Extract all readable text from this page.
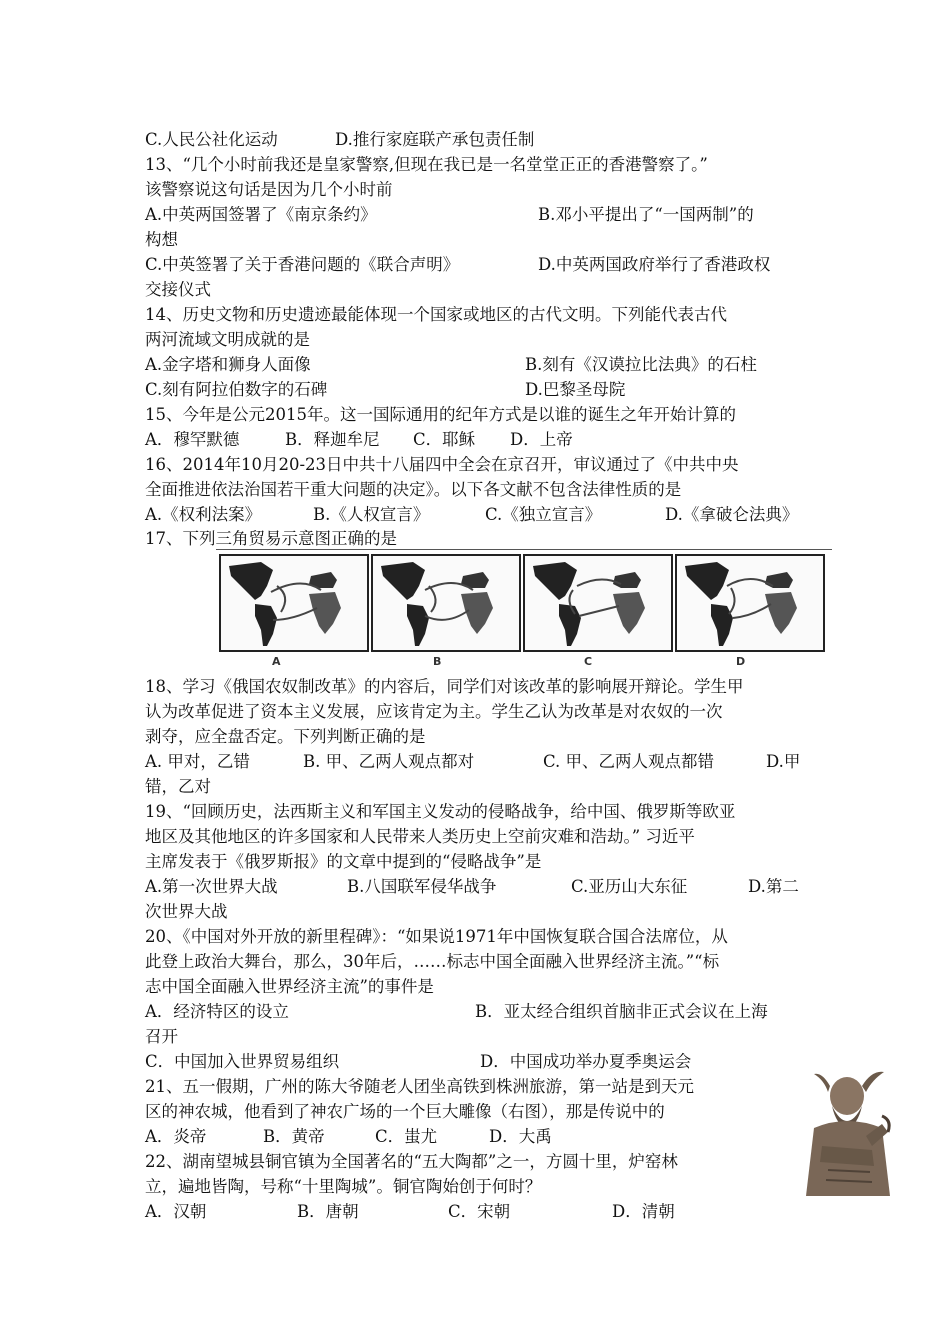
C.人民公社化运动	D.推行家庭联产承包责任制
13、“几个小时前我还是皇家警察,但现在我已是一名堂堂正正的香港警察了。”
该警察说这句话是因为几个小时前
A.中英两国签署了《南京条约》	B.邓小平提出了“一国两制”的
构想
C.中英签署了关于香港问题的《联合声明》	D.中英两国政府举行了香港政权
交接仪式
14、历史文物和历史遗迹最能体现一个国家或地区的古代文明。下列能代表古代
两河流域文明成就的是
A.金字塔和狮身人面像	B.刻有《汉谟拉比法典》的石柱
C.刻有阿拉伯数字的石碑	D.巴黎圣母院
15、今年是公元2015年。这一国际通用的纪年方式是以谁的诞生之年开始计算的
A．穆罕默德	B．释迦牟尼 C．耶稣 D．上帝
16、2014年10月20-23日中共十八届四中全会在京召开，审议通过了《中共中央
全面推进依法治国若干重大问题的决定》。以下各文献不包含法律性质的是
A.《权利法案》	B.《人权宣言》	C.《独立宣言》	D.《拿破仑法典》
17、下列三角贸易示意图正确的是
A	B	C	D
18、学习《俄国农奴制改革》的内容后，同学们对该改革的影响展开辩论。学生甲
认为改革促进了资本主义发展，应该肯定为主。学生乙认为改革是对农奴的一次
剥夺，应全盘否定。下列判断正确的是
A. 甲对，乙错	B. 甲、乙两人观点都对	C. 甲、乙两人观点都错	D.甲
错，乙对
19、“回顾历史，法西斯主义和军国主义发动的侵略战争，给中国、俄罗斯等欧亚
地区及其他地区的许多国家和人民带来人类历史上空前灾难和浩劫。” 习近平
主席发表于《俄罗斯报》的文章中提到的“侵略战争”是
A.第一次世界大战	B.八国联军侵华战争	C.亚历山大东征	D.第二
次世界大战
20、《中国对外开放的新里程碑》：“如果说1971年中国恢复联合国合法席位，从
此登上政治大舞台，那么，30年后，……标志中国全面融入世界经济主流。”“标
志中国全面融入世界经济主流”的事件是
A．经济特区的设立	B．亚太经合组织首脑非正式会议在上海
召开
C．中国加入世界贸易组织	D．中国成功举办夏季奥运会
21、五一假期，广州的陈大爷随老人团坐高铁到株洲旅游，第一站是到天元
区的神农城，他看到了神农广场的一个巨大雕像（右图），那是传说中的
A．炎帝	B．黄帝	C．蚩尤	D．大禹
22、湖南望城县铜官镇为全国著名的“五大陶都”之一，方圆十里，炉窑林
立，遍地皆陶，号称“十里陶城”。铜官陶始创于何时？
A．汉朝	B．唐朝	C．宋朝	D．清朝
